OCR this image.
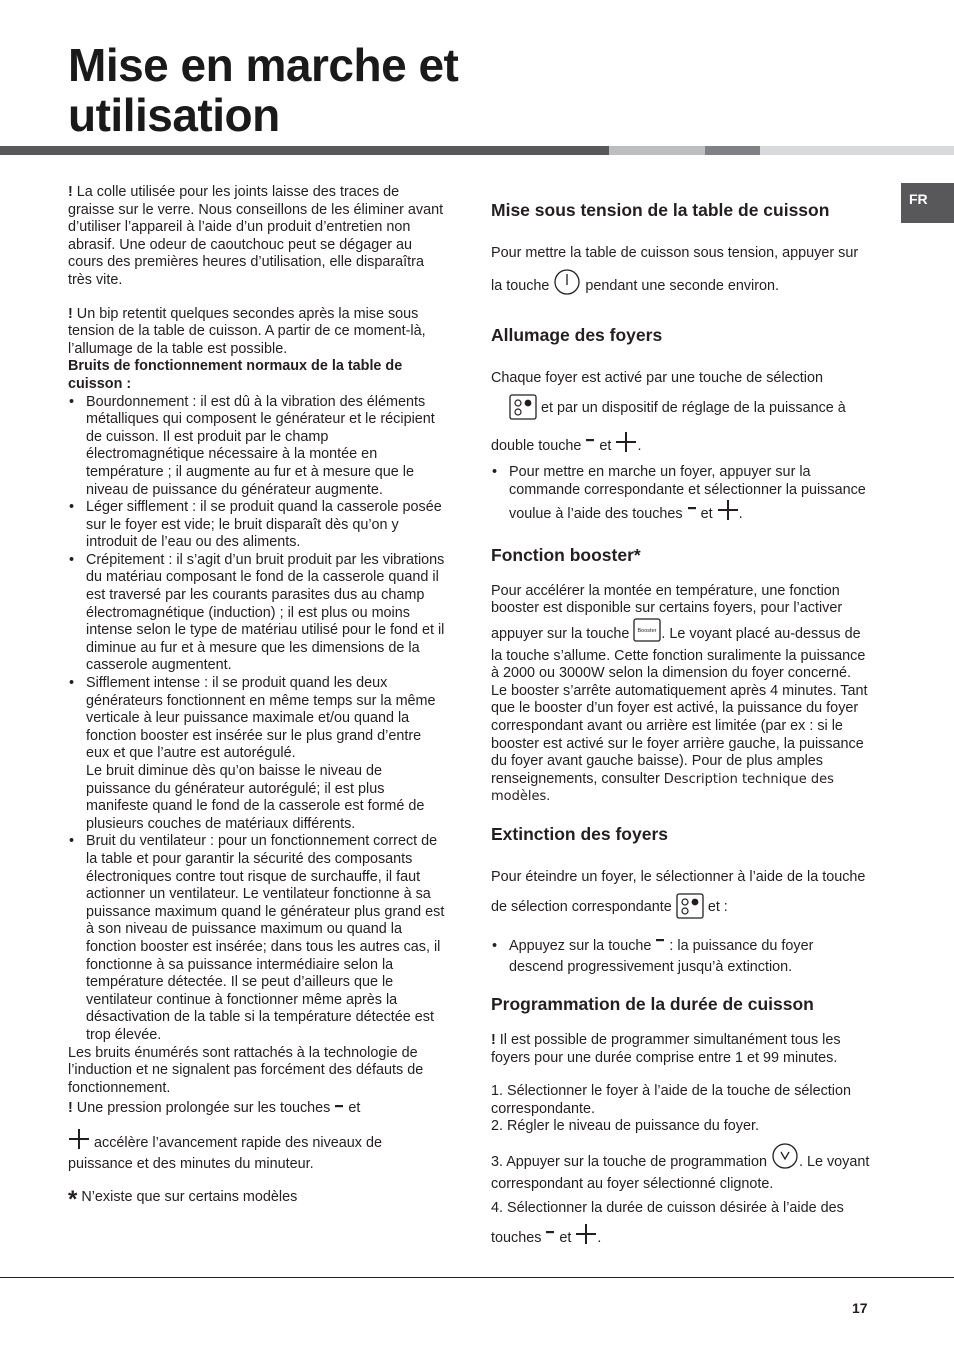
Mise en marche et
utilisation
FR

! La colle utilisée pour les joints laisse des traces de graisse sur le verre. Nous conseillons de les éliminer avant d’utiliser l’appareil à l’aide d’un produit d’entretien non abrasif. Une odeur de caoutchouc peut se dégager au cours des premières heures d’utilisation, elle disparaîtra très vite.

! Un bip retentit quelques secondes après la mise sous tension de la table de cuisson. A partir de ce moment-là, l’allumage de la table est possible.

Bruits de fonctionnement normaux de la table de cuisson :

• Bourdonnement : il est dû à la vibration des éléments métalliques qui composent le générateur et le récipient de cuisson. Il est produit par le champ électromagnétique nécessaire à la montée en température ; il augmente au fur et à mesure que le niveau de puissance du générateur augmente.
• Léger sifflement : il se produit quand la casserole posée sur le foyer est vide; le bruit disparaît dès qu’on y introduit de l’eau ou des aliments.
• Crépitement : il s’agit d’un bruit produit par les vibrations du matériau composant le fond de la casserole quand il est traversé par les courants parasites dus au champ électromagnétique (induction) ; il est plus ou moins intense selon le type de matériau utilisé pour le fond et il diminue au fur et à mesure que les dimensions de la casserole augmentent.
• Sifflement intense : il se produit quand les deux générateurs fonctionnent en même temps sur la même verticale à leur puissance maximale et/ou quand la fonction booster est insérée sur le plus grand d’entre eux et que l’autre est autorégulé.
Le bruit diminue dès qu’on baisse le niveau de puissance du générateur autorégulé; il est plus manifeste quand le fond de la casserole est formé de plusieurs couches de matériaux différents.
• Bruit du ventilateur : pour un fonctionnement correct de la table et pour garantir la sécurité des composants électroniques contre tout risque de surchauffe, il faut actionner un ventilateur. Le ventilateur fonctionne à sa puissance maximum quand le générateur plus grand est à son niveau de puissance maximum ou quand la fonction booster est insérée; dans tous les autres cas, il fonctionne à sa puissance intermédiaire selon la température détectée. Il se peut d’ailleurs que le ventilateur continue à fonctionner même après la désactivation de la table si la température détectée est trop élevée.

Les bruits énumérés sont rattachés à la technologie de l’induction et ne signalent pas forcément des défauts de fonctionnement.

! Une pression prolongée sur les touches et

accélère l’avancement rapide des niveaux de puissance et des minutes du minuteur.

* N’existe que sur certains modèles

Mise sous tension de la table de cuisson

Pour mettre la table de cuisson sous tension, appuyer sur la touche	pendant une seconde environ.

Allumage des foyers

Chaque foyer est activé par une touche de sélection  et par un dispositif de réglage de la puissance à double touche et .

• Pour mettre en marche un foyer, appuyer sur la commande correspondante et sélectionner la puissance voulue à l’aide des touches et .
Fonction booster*

Pour accélérer la montée en température, une fonction booster est disponible sur certains foyers, pour l’activer appuyer sur la touche Booster . Le voyant placé au-dessus de la touche s’allume. Cette fonction suralimente la puissance à 2000 ou 3000W selon la dimension du foyer concerné.

Le booster s’arrête automatiquement après 4 minutes. Tant que le booster d’un foyer est activé, la puissance du foyer correspondant avant ou arrière est limitée (par ex : si le booster est activé sur le foyer arrière gauche, la puissance du foyer avant gauche baisse). Pour de plus amples renseignements, consulter Description technique des modèles.

Extinction des foyers

Pour éteindre un foyer, le sélectionner à l’aide de la touche de sélection correspondante	et :

• Appuyez sur la touche : la puissance du foyer descend progressivement jusqu’à extinction.
Programmation de la durée de cuisson

! Il est possible de programmer simultanément tous les foyers pour une durée comprise entre 1 et 99 minutes.

1. Sélectionner le foyer à l’aide de la touche de sélection correspondante.

2. Régler le niveau de puissance du foyer.

3. Appuyer sur la touche de programmation . Le voyant correspondant au foyer sélectionné clignote.

4. Sélectionner la durée de cuisson désirée à l’aide des touches et .

17
